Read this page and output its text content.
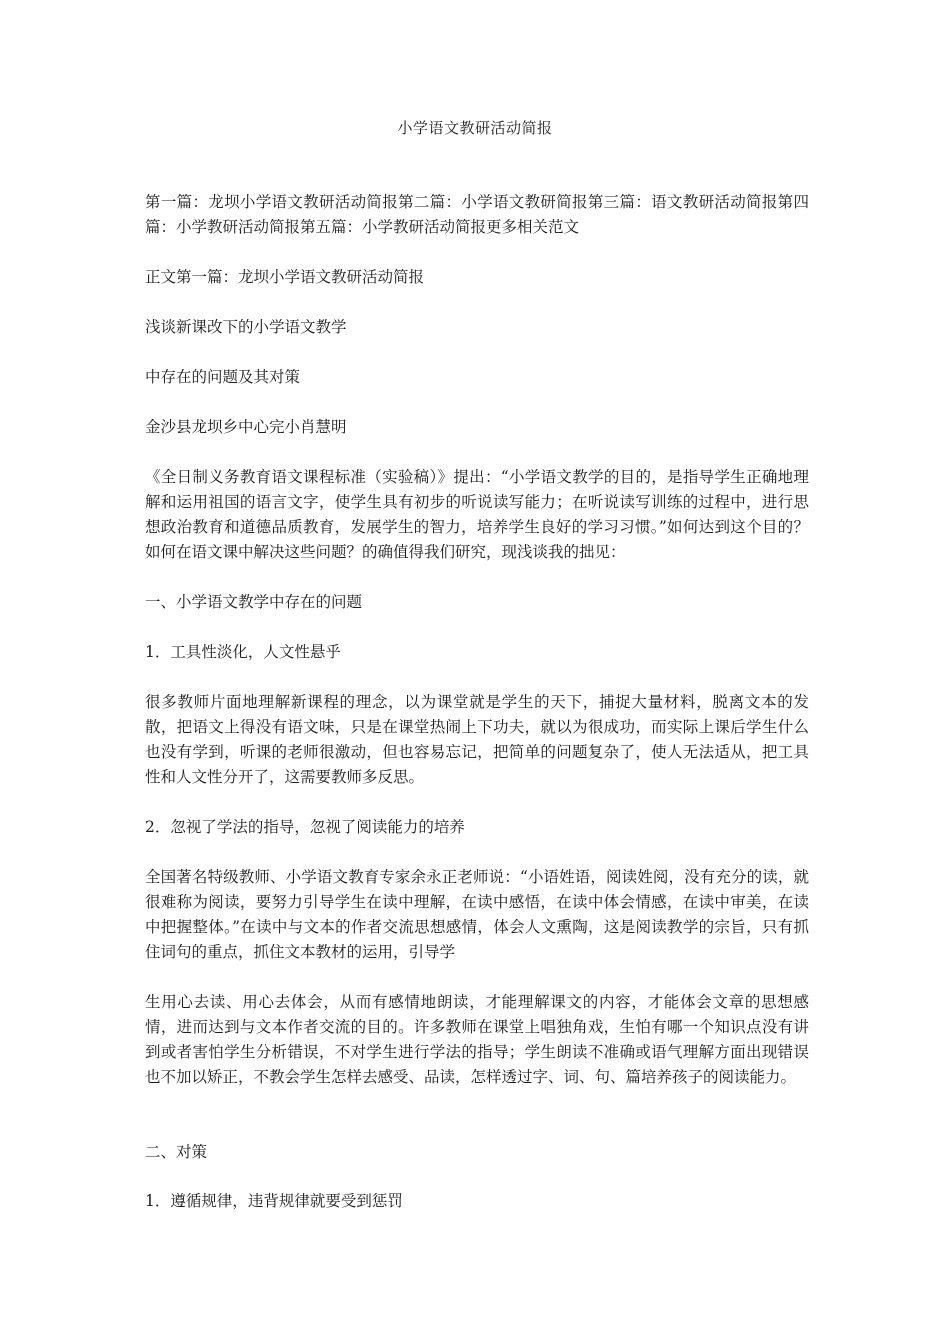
小学语文教研活动简报
第一篇：龙坝小学语文教研活动简报第二篇：小学语文教研简报第三篇：语文教研活动简报第四篇：小学教研活动简报第五篇：小学教研活动简报更多相关范文
正文第一篇：龙坝小学语文教研活动简报
浅谈新课改下的小学语文教学
中存在的问题及其对策
金沙县龙坝乡中心完小肖慧明
《全日制义务教育语文课程标准（实验稿）》提出：“小学语文教学的目的，是指导学生正确地理解和运用祖国的语言文字，使学生具有初步的听说读写能力；在听说读写训练的过程中，进行思想政治教育和道德品质教育，发展学生的智力，培养学生良好的学习习惯。”如何达到这个目的？如何在语文课中解决这些问题？的确值得我们研究，现浅谈我的拙见：
一、小学语文教学中存在的问题
1．工具性淡化，人文性悬乎
很多教师片面地理解新课程的理念，以为课堂就是学生的天下，捕捉大量材料，脱离文本的发散，把语文上得没有语文味，只是在课堂热闹上下功夫，就以为很成功，而实际上课后学生什么也没有学到，听课的老师很激动，但也容易忘记，把简单的问题复杂了，使人无法适从，把工具性和人文性分开了，这需要教师多反思。
2．忽视了学法的指导，忽视了阅读能力的培养
全国著名特级教师、小学语文教育专家余永正老师说：“小语姓语，阅读姓阅，没有充分的读，就很难称为阅读，要努力引导学生在读中理解，在读中感悟，在读中体会情感，在读中审美，在读中把握整体。”在读中与文本的作者交流思想感情，体会人文熏陶，这是阅读教学的宗旨，只有抓住词句的重点，抓住文本教材的运用，引导学
生用心去读、用心去体会，从而有感情地朗读，才能理解课文的内容，才能体会文章的思想感情，进而达到与文本作者交流的目的。许多教师在课堂上唱独角戏，生怕有哪一个知识点没有讲到或者害怕学生分析错误，不对学生进行学法的指导；学生朗读不准确或语气理解方面出现错误也不加以矫正，不教会学生怎样去感受、品读，怎样透过字、词、句、篇培养孩子的阅读能力。
二、对策
1．遵循规律，违背规律就要受到惩罚
